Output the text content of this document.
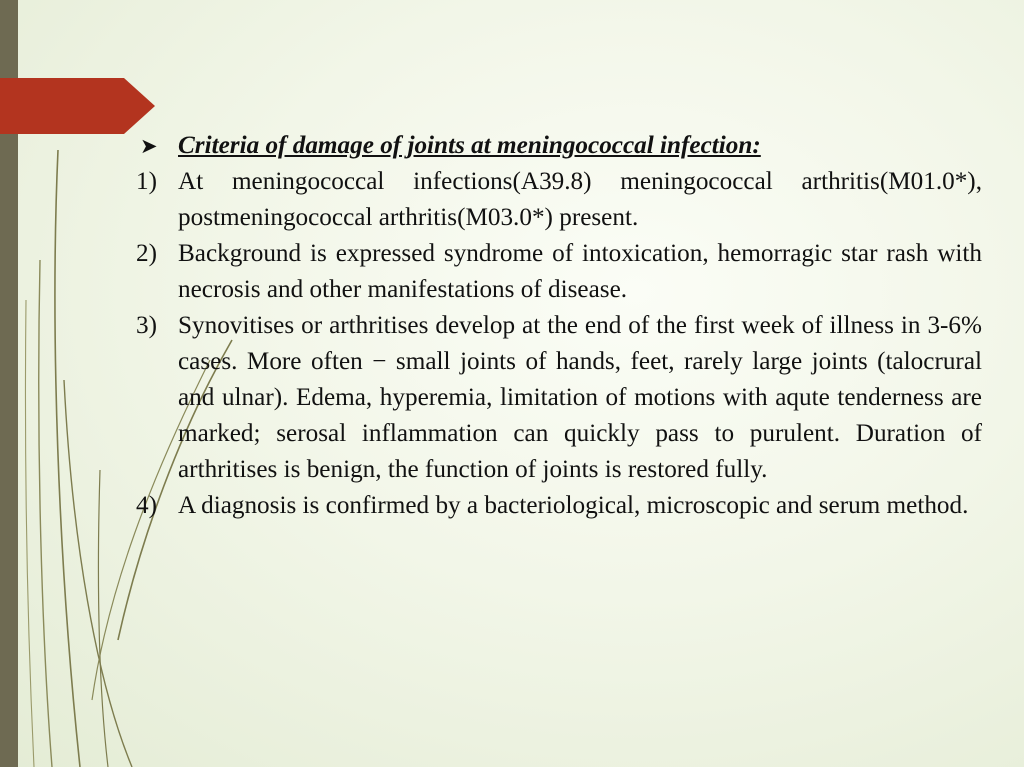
➤ Criteria of damage of joints at meningococcal infection:
1) At meningococcal infections(A39.8) meningococcal arthritis(M01.0*), postmeningococcal arthritis(M03.0*) present.
2) Background is expressed syndrome of intoxication, hemorragic star rash with necrosis and other manifestations of disease.
3) Synovitises or arthritises develop at the end of the first week of illness in 3-6% cases. More often − small joints of hands, feet, rarely large joints (talocrural and ulnar). Edema, hyperemia, limitation of motions with aqute tenderness are marked; serosal inflammation can quickly pass to purulent. Duration of arthritises is benign, the function of joints is restored fully.
4) A diagnosis is confirmed by a bacteriological, microscopic and serum method.
